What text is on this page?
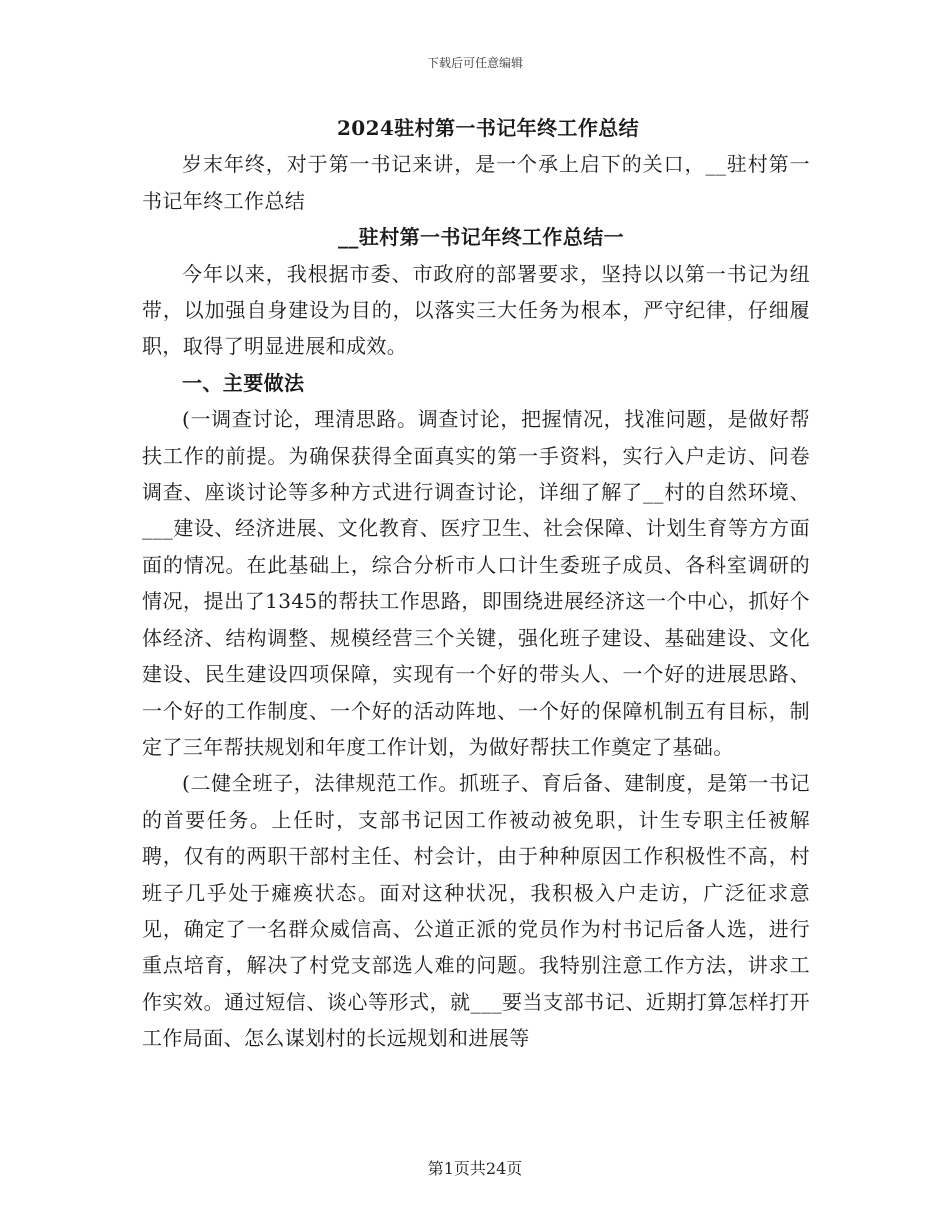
下载后可任意编辑

2024驻村第一书记年终工作总结

岁末年终，对于第一书记来讲，是一个承上启下的关口，__驻村第一书记年终工作总结

__驻村第一书记年终工作总结一

今年以来，我根据市委、市政府的部署要求，坚持以以第一书记为纽带，以加强自身建设为目的，以落实三大任务为根本，严守纪律，仔细履职，取得了明显进展和成效。

一、主要做法

(一调查讨论，理清思路。调查讨论，把握情况，找准问题，是做好帮扶工作的前提。为确保获得全面真实的第一手资料，实行入户走访、问卷调查、座谈讨论等多种方式进行调查讨论，详细了解了__村的自然环境、___建设、经济进展、文化教育、医疗卫生、社会保障、计划生育等方方面面的情况。在此基础上，综合分析市人口计生委班子成员、各科室调研的情况，提出了1345的帮扶工作思路，即围绕进展经济这一个中心，抓好个体经济、结构调整、规模经营三个关键，强化班子建设、基础建设、文化建设、民生建设四项保障，实现有一个好的带头人、一个好的进展思路、一个好的工作制度、一个好的活动阵地、一个好的保障机制五有目标，制定了三年帮扶规划和年度工作计划，为做好帮扶工作奠定了基础。

(二健全班子，法律规范工作。抓班子、育后备、建制度，是第一书记的首要任务。上任时，支部书记因工作被动被免职，计生专职主任被解聘，仅有的两职干部村主任、村会计，由于种种原因工作积极性不高，村班子几乎处于瘫痪状态。面对这种状况，我积极入户走访，广泛征求意见，确定了一名群众威信高、公道正派的党员作为村书记后备人选，进行重点培育，解决了村党支部选人难的问题。我特别注意工作方法，讲求工作实效。通过短信、谈心等形式，就___要当支部书记、近期打算怎样打开工作局面、怎么谋划村的长远规划和进展等

第1页共24页
